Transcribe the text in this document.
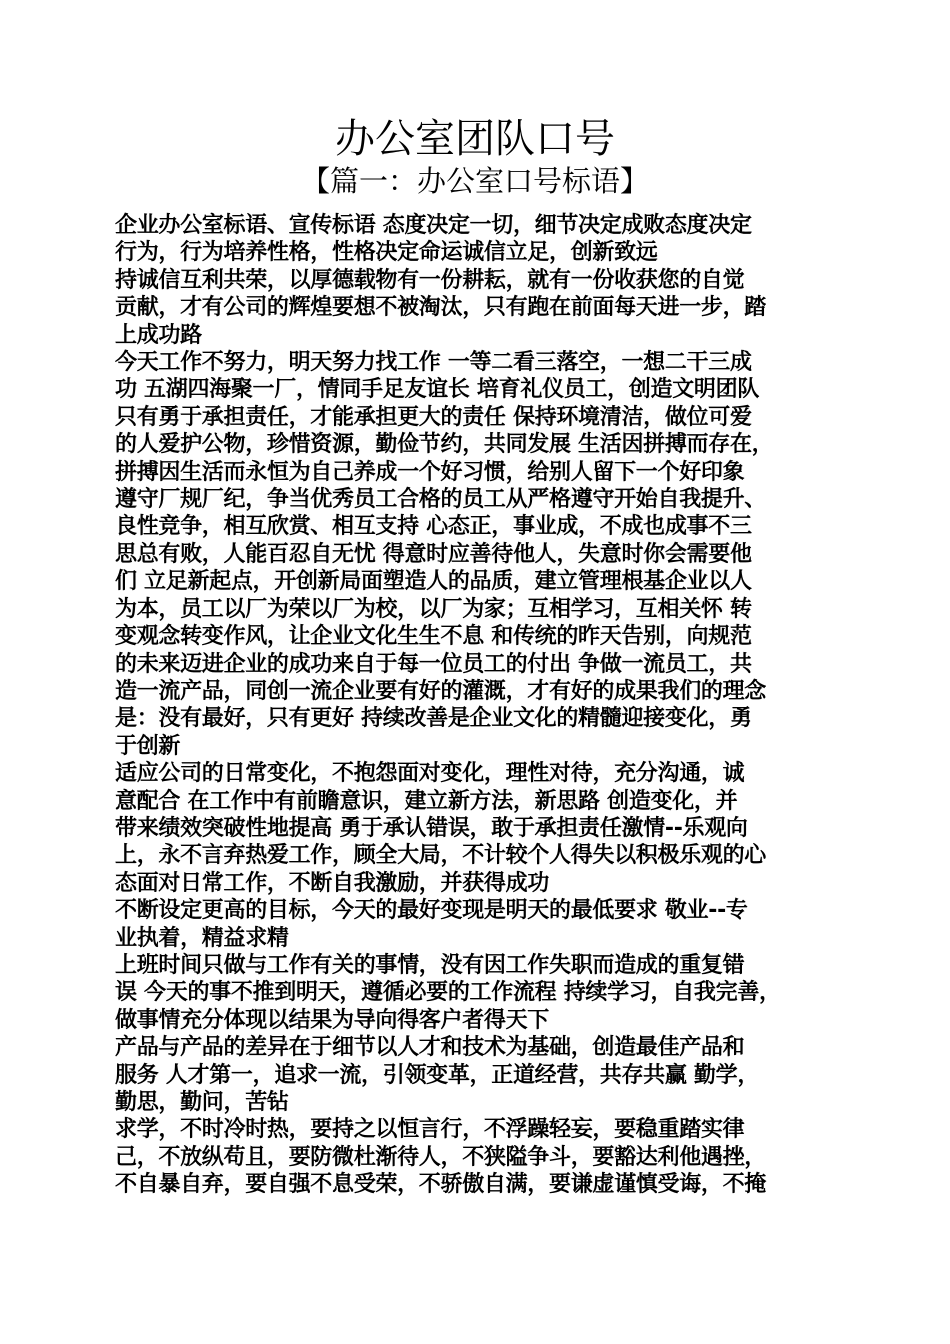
办公室团队口号
【篇一：办公室口号标语】
企业办公室标语、宣传标语 态度决定一切，细节决定成败态度决定
行为，行为培养性格，性格决定命运诚信立足，创新致远
持诚信互利共荣，以厚德载物有一份耕耘，就有一份收获您的自觉
贡献，才有公司的辉煌要想不被淘汰，只有跑在前面每天进一步，踏
上成功路
今天工作不努力，明天努力找工作 一等二看三落空，一想二干三成
功 五湖四海聚一厂，情同手足友谊长 培育礼仪员工，创造文明团队
只有勇于承担责任，才能承担更大的责任 保持环境清洁，做位可爱
的人爱护公物，珍惜资源，勤俭节约，共同发展 生活因拼搏而存在，
拼搏因生活而永恒为自己养成一个好习惯，给别人留下一个好印象
遵守厂规厂纪，争当优秀员工合格的员工从严格遵守开始自我提升、
良性竞争，相互欣赏、相互支持 心态正，事业成，不成也成事不三
思总有败，人能百忍自无忧 得意时应善待他人，失意时你会需要他
们 立足新起点，开创新局面塑造人的品质，建立管理根基企业以人
为本，员工以厂为荣以厂为校，以厂为家；互相学习，互相关怀 转
变观念转变作风，让企业文化生生不息 和传统的昨天告别，向规范
的未来迈进企业的成功来自于每一位员工的付出 争做一流员工，共
造一流产品，同创一流企业要有好的灌溉，才有好的成果我们的理念
是：没有最好，只有更好 持续改善是企业文化的精髓迎接变化，勇
于创新
适应公司的日常变化，不抱怨面对变化，理性对待，充分沟通，诚
意配合 在工作中有前瞻意识，建立新方法，新思路 创造变化，并
带来绩效突破性地提高 勇于承认错误，敢于承担责任激情--乐观向
上，永不言弃热爱工作，顾全大局，不计较个人得失以积极乐观的心
态面对日常工作，不断自我激励，并获得成功
不断设定更高的目标，今天的最好变现是明天的最低要求 敬业--专
业执着，精益求精
上班时间只做与工作有关的事情，没有因工作失职而造成的重复错
误 今天的事不推到明天，遵循必要的工作流程 持续学习，自我完善，
做事情充分体现以结果为导向得客户者得天下
产品与产品的差异在于细节以人才和技术为基础，创造最佳产品和
服务 人才第一，追求一流，引领变革，正道经营，共存共赢 勤学，
勤思，勤问，苦钻
求学，不时冷时热，要持之以恒言行，不浮躁轻妄，要稳重踏实律
己，不放纵苟且，要防微杜渐待人，不狭隘争斗，要豁达利他遇挫，
不自暴自弃，要自强不息受荣，不骄傲自满，要谦虚谨慎受诲，不掩
